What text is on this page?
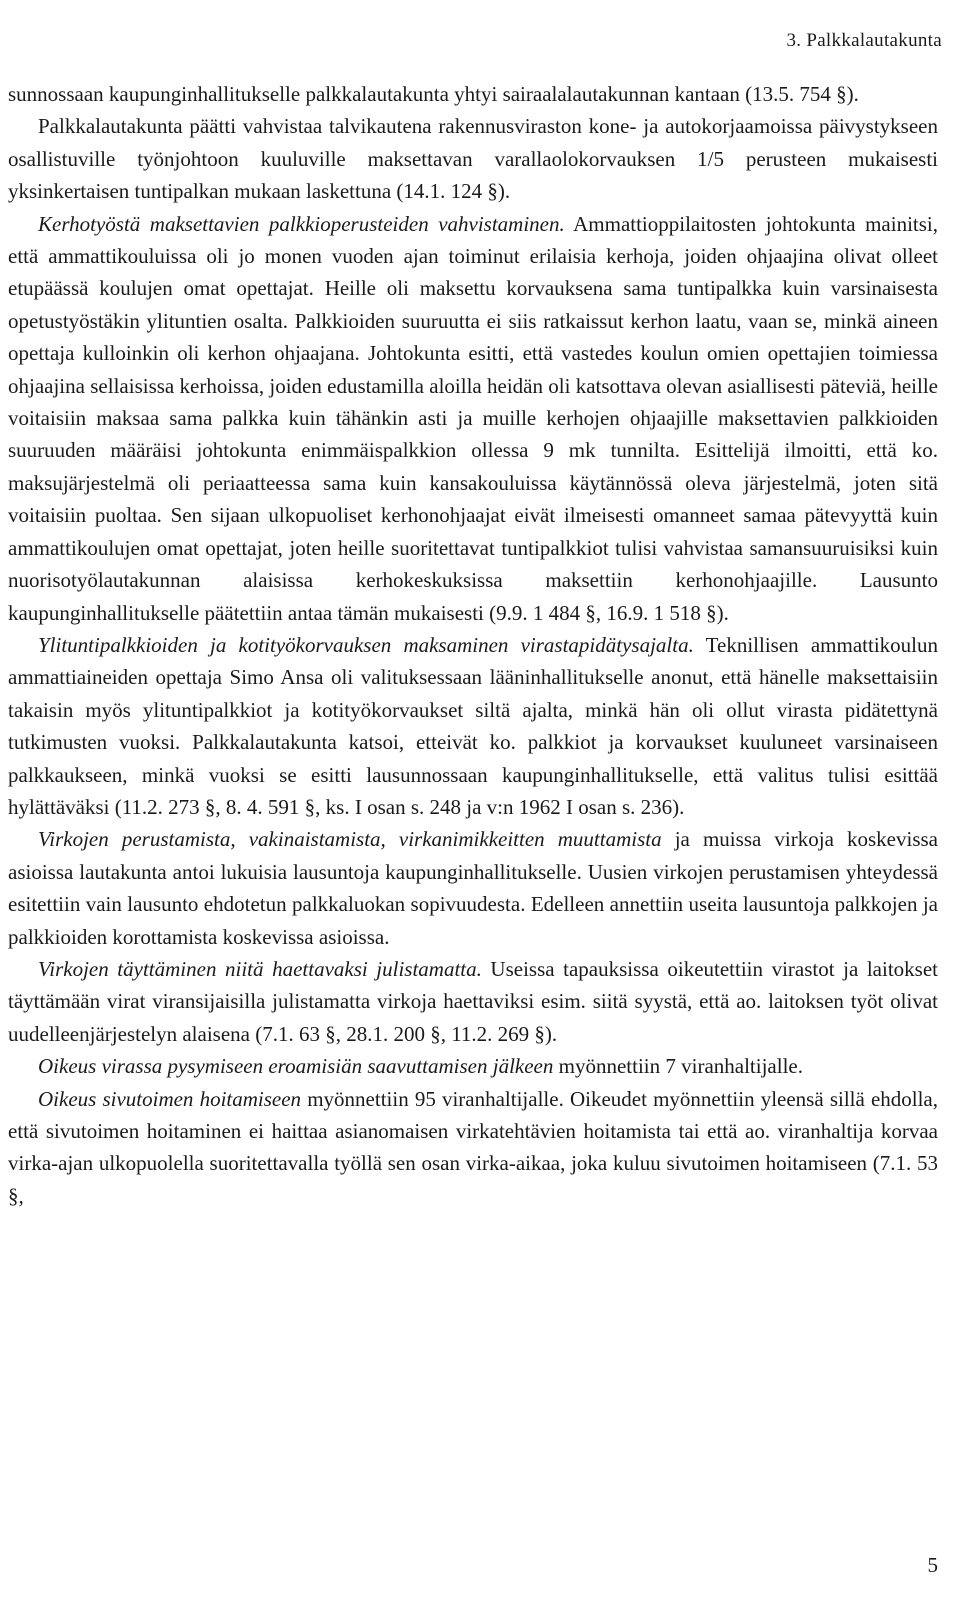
3. Palkkalautakunta

sunnossaan kaupunginhallitukselle palkkalautakunta yhtyi sairaalalautakunnan kantaan (13.5. 754 §).

Palkkalautakunta päätti vahvistaa talvikautena rakennusviraston kone- ja autokorjaamoissa päivystykseen osallistuville työnjohtoon kuuluville maksettavan varallaolokorvauksen 1/5 perusteen mukaisesti yksinkertaisen tuntipalkan mukaan laskettuna (14.1. 124 §).

Kerhotyöstä maksettavien palkkioperusteiden vahvistaminen. Ammattioppilaitosten johtokunta mainitsi, että ammattikouluissa oli jo monen vuoden ajan toiminut erilaisia kerhoja, joiden ohjaajina olivat olleet etupäässä koulujen omat opettajat. Heille oli maksettu korvauksena sama tuntipalkka kuin varsinaisesta opetustyöstäkin ylituntien osalta. Palkkioiden suuruutta ei siis ratkaissut kerhon laatu, vaan se, minkä aineen opettaja kulloinkin oli kerhon ohjaajana. Johtokunta esitti, että vastedes koulun omien opettajien toimiessa ohjaajina sellaisissa kerhoissa, joiden edustamilla aloilla heidän oli katsottava olevan asiallisesti päteviä, heille voitaisiin maksaa sama palkka kuin tähänkin asti ja muille kerhojen ohjaajille maksettavien palkkioiden suuruuden määräisi johtokunta enimmäispalkkion ollessa 9 mk tunnilta. Esittelijä ilmoitti, että ko. maksujärjestelmä oli periaatteessa sama kuin kansakouluissa käytännössä oleva järjestelmä, joten sitä voitaisiin puoltaa. Sen sijaan ulkopuoliset kerhonohjaajat eivät ilmeisesti omanneet samaa pätevyyttä kuin ammattikoulujen omat opettajat, joten heille suoritettavat tuntipalkkiot tulisi vahvistaa samansuuruisiksi kuin nuorisotyölautakunnan alaisissa kerhokeskuksissa maksettiin kerhonohjaajille. Lausunto kaupunginhallitukselle päätettiin antaa tämän mukaisesti (9.9. 1 484 §, 16.9. 1 518 §).

Ylituntipalkkioiden ja kotityökorvauksen maksaminen virastapidätysajalta. Teknillisen ammattikoulun ammattiaineiden opettaja Simo Ansa oli valituksessaan lääninhallitukselle anonut, että hänelle maksettaisiin takaisin myös ylituntipalkkiot ja kotityökorvaukset siltä ajalta, minkä hän oli ollut virasta pidätettynä tutkimusten vuoksi. Palkkalautakunta katsoi, etteivät ko. palkkiot ja korvaukset kuuluneet varsinaiseen palkkaukseen, minkä vuoksi se esitti lausunnossaan kaupunginhallitukselle, että valitus tulisi esittää hylättäväksi (11.2. 273 §, 8. 4. 591 §, ks. I osan s. 248 ja v:n 1962 I osan s. 236).

Virkojen perustamista, vakinaistamista, virkanimikkeitten muuttamista ja muissa virkoja koskevissa asioissa lautakunta antoi lukuisia lausuntoja kaupunginhallitukselle. Uusien virkojen perustamisen yhteydessä esitettiin vain lausunto ehdotetun palkkaluokan sopivuudesta. Edelleen annettiin useita lausuntoja palkkojen ja palkkioiden korottamista koskevissa asioissa.

Virkojen täyttäminen niitä haettavaksi julistamatta. Useissa tapauksissa oikeutettiin virastot ja laitokset täyttämään virat viransijaisilla julistamatta virkoja haettaviksi esim. siitä syystä, että ao. laitoksen työt olivat uudelleenjärjestelyn alaisena (7.1. 63 §, 28.1. 200 §, 11.2. 269 §).

Oikeus virassa pysymiseen eroamisiän saavuttamisen jälkeen myönnettiin 7 viranhaltijalle.

Oikeus sivutoimen hoitamiseen myönnettiin 95 viranhaltijalle. Oikeudet myönnettiin yleensä sillä ehdolla, että sivutoimen hoitaminen ei haittaa asianomaisen virkatehtävien hoitamista tai että ao. viranhaltija korvaa virka-ajan ulkopuolella suoritettavalla työllä sen osan virka-aikaa, joka kuluu sivutoimen hoitamiseen (7.1. 53 §,

5
